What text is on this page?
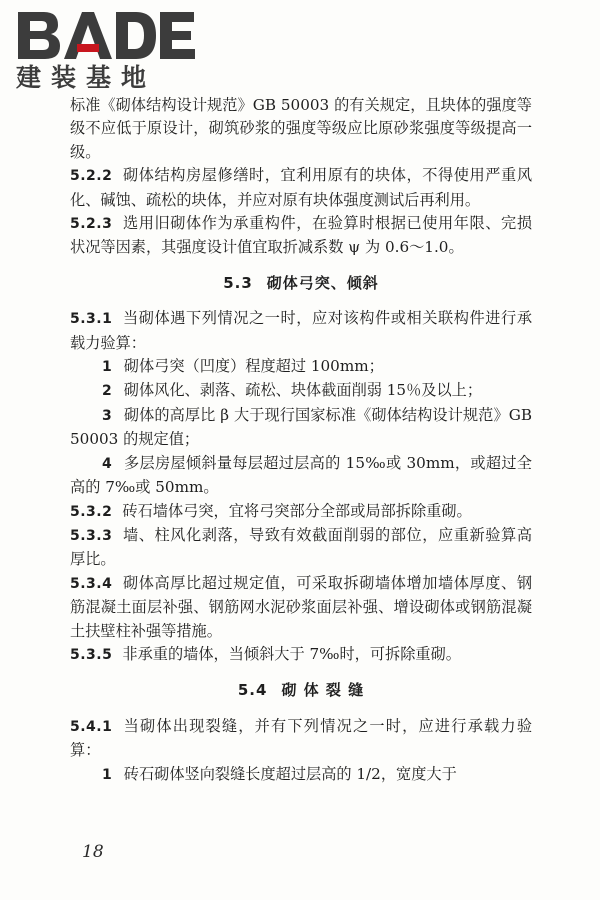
建装基地

标准《砌体结构设计规范》GB 50003 的有关规定，且块体的强度等级不应低于原设计，砌筑砂浆的强度等级应比原砂浆强度等级提高一级。

5.2.2 砌体结构房屋修缮时，宜利用原有的块体，不得使用严重风化、碱蚀、疏松的块体，并应对原有块体强度测试后再利用。

5.2.3 选用旧砌体作为承重构件，在验算时根据已使用年限、完损状况等因素，其强度设计值宜取折减系数 ψ 为 0.6～1.0。

5.3 砌体弓突、倾斜

5.3.1 当砌体遇下列情况之一时，应对该构件或相关联构件进行承载力验算：

1 砌体弓突（凹度）程度超过 100mm；

2 砌体风化、剥落、疏松、块体截面削弱 15％及以上；

3 砌体的高厚比 β 大于现行国家标准《砌体结构设计规范》GB 50003 的规定值；

4 多层房屋倾斜量每层超过层高的 15‰或 30mm，或超过全高的 7‰或 50mm。

5.3.2 砖石墙体弓突，宜将弓突部分全部或局部拆除重砌。

5.3.3 墙、柱风化剥落，导致有效截面削弱的部位，应重新验算高厚比。

5.3.4 砌体高厚比超过规定值，可采取拆砌墙体增加墙体厚度、钢筋混凝土面层补强、钢筋网水泥砂浆面层补强、增设砌体或钢筋混凝土扶壁柱补强等措施。

5.3.5 非承重的墙体，当倾斜大于 7‰时，可拆除重砌。

5.4 砌 体 裂 缝

5.4.1 当砌体出现裂缝，并有下列情况之一时，应进行承载力验算：

1 砖石砌体竖向裂缝长度超过层高的 1/2，宽度大于

18
